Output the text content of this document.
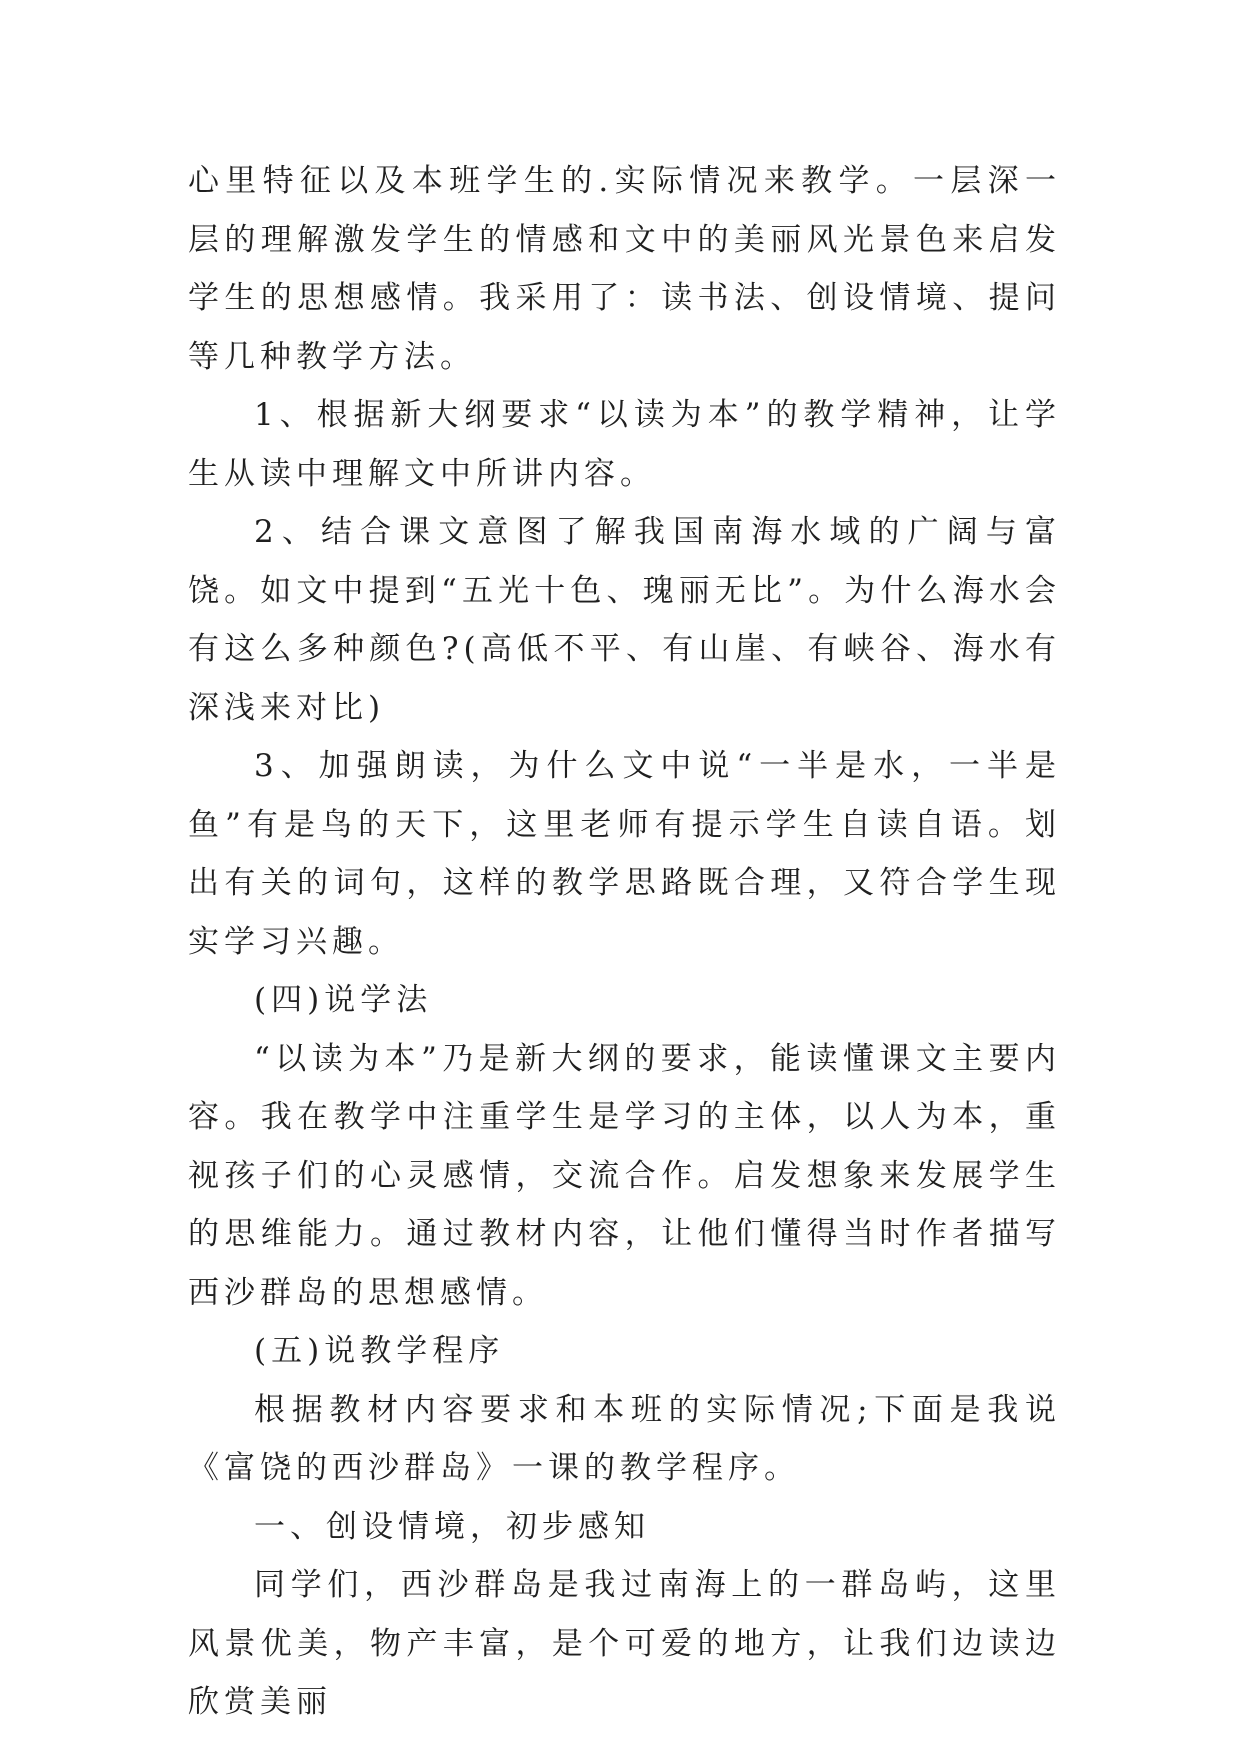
心里特征以及本班学生的.实际情况来教学。一层深一层的理解激发学生的情感和文中的美丽风光景色来启发学生的思想感情。我采用了：读书法、创设情境、提问等几种教学方法。

1、根据新大纲要求“以读为本”的教学精神，让学生从读中理解文中所讲内容。

2、结合课文意图了解我国南海水域的广阔与富饶。如文中提到“五光十色、瑰丽无比”。为什么海水会有这么多种颜色?(高低不平、有山崖、有峡谷、海水有深浅来对比)

3、加强朗读，为什么文中说“一半是水，一半是鱼”有是鸟的天下，这里老师有提示学生自读自语。划出有关的词句，这样的教学思路既合理，又符合学生现实学习兴趣。

(四)说学法

“以读为本”乃是新大纲的要求，能读懂课文主要内容。我在教学中注重学生是学习的主体，以人为本，重视孩子们的心灵感情，交流合作。启发想象来发展学生的思维能力。通过教材内容，让他们懂得当时作者描写西沙群岛的思想感情。

(五)说教学程序

根据教材内容要求和本班的实际情况;下面是我说《富饶的西沙群岛》一课的教学程序。

一、创设情境，初步感知

同学们，西沙群岛是我过南海上的一群岛屿，这里风景优美，物产丰富，是个可爱的地方，让我们边读边欣赏美丽
